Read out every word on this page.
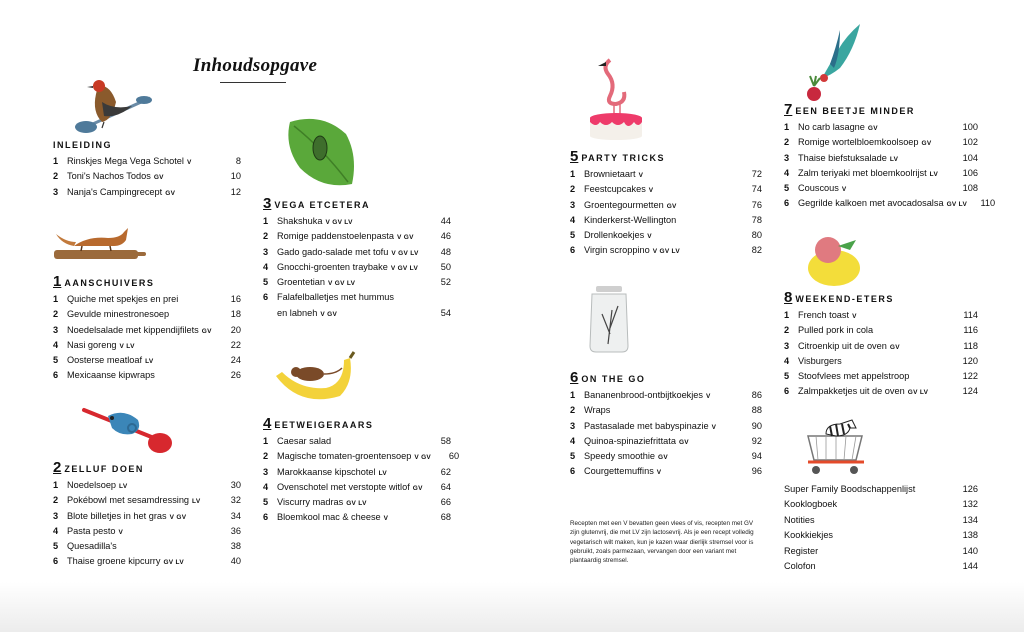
Inhoudsopgave
INLEIDING
1 Rinskjes Mega Vega Schotel V	8
2 Toni's Nachos Todos GV	10
3 Nanja's Campingrecept GV	12
1 AANSCHUIVERS
1 Quiche met spekjes en prei	16
2 Gevulde minestronesoep	18
3 Noedelsalade met kippendijfilets GV	20
4 Nasi goreng V LV	22
5 Oosterse meatloaf LV	24
6 Mexicaanse kipwraps	26
2 ZELLUF DOEN
1 Noedelsoep LV	30
2 Pokébowl met sesamdressing LV	32
3 Blote billetjes in het gras V GV	34
4 Pasta pesto V	36
5 Quesadilla's	38
6 Thaise groene kipcurry GV LV	40
3 VEGA ETCETERA
1 Shakshuka V GV LV	44
2 Romige paddenstoelenpasta V GV	46
3 Gado gado-salade met tofu V GV LV	48
4 Gnocchi-groenten traybake V GV LV	50
5 Groentetian V GV LV	52
6 Falafelballetjes met hummus
en labneh V GV	54
4 EETWEIGERAARS
1 Caesar salad	58
2 Magische tomaten-groentensoep V GV	60
3 Marokkaanse kipschotel LV	62
4 Ovenschotel met verstopte witlof GV	64
5 Viscurry madras GV LV	66
6 Bloemkool mac & cheese V	68
5 PARTY TRICKS
1 Brownietaart V	72
2 Feestcupcakes V	74
3 Groentegourmetten GV	76
4 Kinderkerst-Wellington	78
5 Drollenkoekjes V	80
6 Virgin scroppino V GV LV	82
6 ON THE GO
1 Bananenbrood-ontbijtkoekjes V	86
2 Wraps	88
3 Pastasalade met babyspinazie V	90
4 Quinoa-spinaziefrittata GV	92
5 Speedy smoothie GV	94
6 Courgettemuffins V	96
Recepten met een V bevatten geen vlees of vis, recepten met GV zijn glutenvrij, die met LV zijn lactosevrij. Als je een recept volledig vegetarisch wilt maken, kun je kazen waar dierlijk stremsel voor is gebruikt, zoals parmezaan, vervangen door een variant met plantaardig stremsel.
7 EEN BEETJE MINDER
1 No carb lasagne GV	100
2 Romige wortelbloemkoolsoep GV	102
3 Thaise biefstuksalade LV	104
4 Zalm teriyaki met bloemkoolrijst LV	106
5 Couscous V	108
6 Gegrilde kalkoen met avocadosalsa GV LV	110
8 WEEKEND-ETERS
1 French toast V	114
2 Pulled pork in cola	116
3 Citroenkip uit de oven GV	118
4 Visburgers	120
5 Stoofvlees met appelstroop	122
6 Zalmpakketjes uit de oven GV LV	124
Super Family Boodschappenlijst	126
Kooklogboek	132
Notities	134
Kookkiekjes	138
Register	140
Colofon	144
